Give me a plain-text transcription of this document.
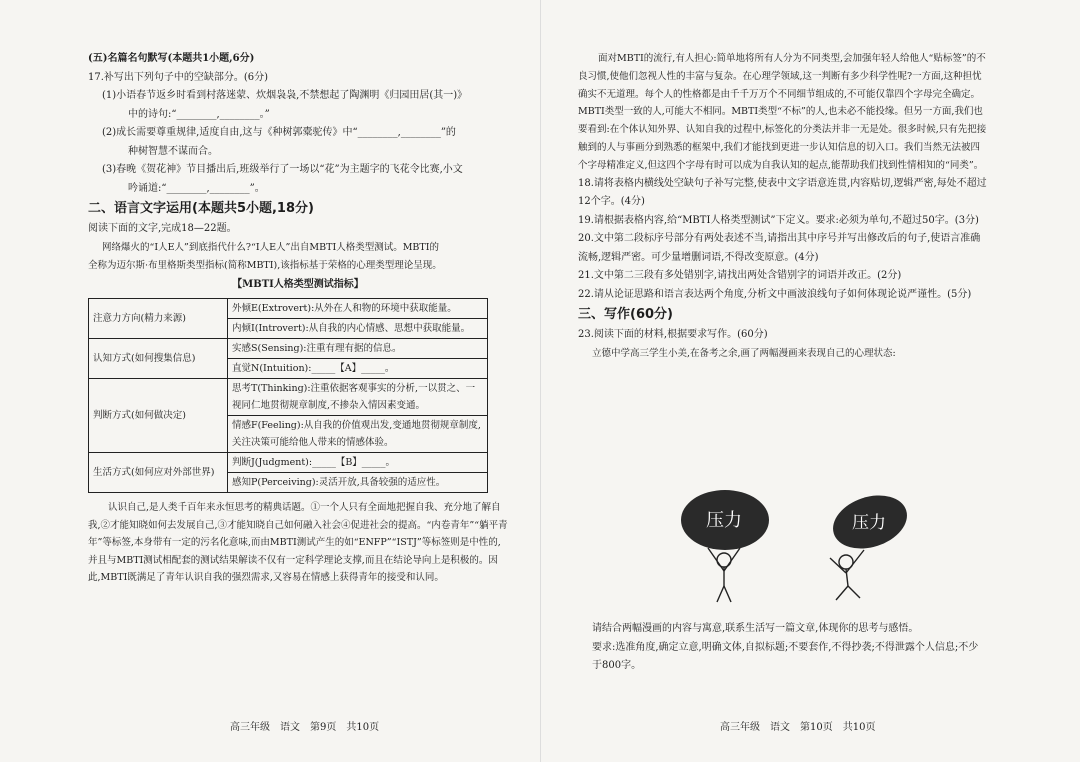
(五)名篇名句默写(本题共1小题,6分)

17.补写出下列句子中的空缺部分。(6分)

(1)小语春节返乡时看到村落迷蒙、炊烟袅袅,不禁想起了陶渊明《归园田居(其一)》

中的诗句:“________,________。”

(2)成长需要尊重规律,适度自由,这与《种树郭橐驼传》中“________,________”的

种树智慧不谋而合。

(3)春晚《贺花神》节目播出后,班级举行了一场以“花”为主题字的飞花令比赛,小文

吟诵道:“________,________”。

二、语言文字运用(本题共5小题,18分)

阅读下面的文字,完成18—22题。

网络爆火的“I人E人”到底指代什么?“I人E人”出自MBTI人格类型测试。MBTI的

全称为迈尔斯·布里格斯类型指标(简称MBTI),该指标基于荣格的心理类型理论呈现。

【MBTI人格类型测试指标】

注意力方向(精力来源)	外倾E(Extrovert):从外在人和物的环境中获取能量。
	内倾I(Introvert):从自我的内心情感、思想中获取能量。
认知方式(如何搜集信息)	实感S(Sensing):注重有理有据的信息。
	直觉N(Intuition):_____【A】_____。
判断方式(如何做决定)	思考T(Thinking):注重依据客观事实的分析,一以贯之、一视同仁地贯彻规章制度,不掺杂入情因素变通。
	情感F(Feeling):从自我的价值观出发,变通地贯彻规章制度,关注决策可能给他人带来的情感体验。
生活方式(如何应对外部世界)	判断J(Judgment):_____【B】_____。
	感知P(Perceiving):灵活开放,具备较强的适应性。

认识自己,是人类千百年来永恒思考的精典话题。①一个人只有全面地把握自我、充分地了解自我,②才能知晓如何去发展自己,③才能知晓自己如何融入社会④促进社会的提高。“内卷青年”“躺平青年”等标签,本身带有一定的污名化意味,而由MBTI测试产生的如“ENFP”“ISTJ”等标签则是中性的,并且与MBTI测试相配套的测试结果解读不仅有一定科学理论支撑,而且在结论导向上是积极的。因此,MBTI既满足了青年认识自我的强烈需求,又容易在情感上获得青年的接受和认同。

面对MBTI的流行,有人担心:简单地将所有人分为不同类型,会加强年轻人给他人“贴标签”的不良习惯,使他们忽视人性的丰富与复杂。在心理学领域,这一判断有多少科学性呢?一方面,这种担忧确实不无道理。每个人的性格都是由千千万万个不同细节组成的,不可能仅靠四个字母完全确定。MBTI类型一致的人,可能大不相同。MBTI类型“不标”的人,也未必不能投缘。但另一方面,我们也要看到:在个体认知外界、认知自我的过程中,标签化的分类法并非一无是处。很多时候,只有先把接触到的人与事画分到熟悉的框架中,我们才能找到更进一步认知信息的切入口。我们当然无法被四个字母精准定义,但这四个字母有时可以成为自我认知的起点,能帮助我们找到性情相知的“同类”。

18.请将表格内横线处空缺句子补写完整,使表中文字语意连贯,内容贴切,逻辑严密,每处不超过12个字。(4分)

19.请根据表格内容,给“MBTI人格类型测试”下定义。要求:必须为单句,不超过50字。(3分)

20.文中第二段标序号部分有两处表述不当,请指出其中序号并写出修改后的句子,使语言准确流畅,逻辑严密。可少量增删词语,不得改变原意。(4分)

21.文中第二三段有多处错别字,请找出两处含错别字的词语并改正。(2分)

22.请从论证思路和语言表达两个角度,分析文中画波浪线句子如何体现论说严谨性。(5分)

三、写作(60分)

23.阅读下面的材料,根据要求写作。(60分)

立德中学高三学生小美,在备考之余,画了两幅漫画来表现自己的心理状态:

压力	压力

请结合两幅漫画的内容与寓意,联系生活写一篇文章,体现你的思考与感悟。

要求:选准角度,确定立意,明确文体,自拟标题;不要套作,不得抄袭;不得泄露个人信息;不少于800字。

高三年级　语文　第9页　共10页	高三年级　语文　第10页　共10页
